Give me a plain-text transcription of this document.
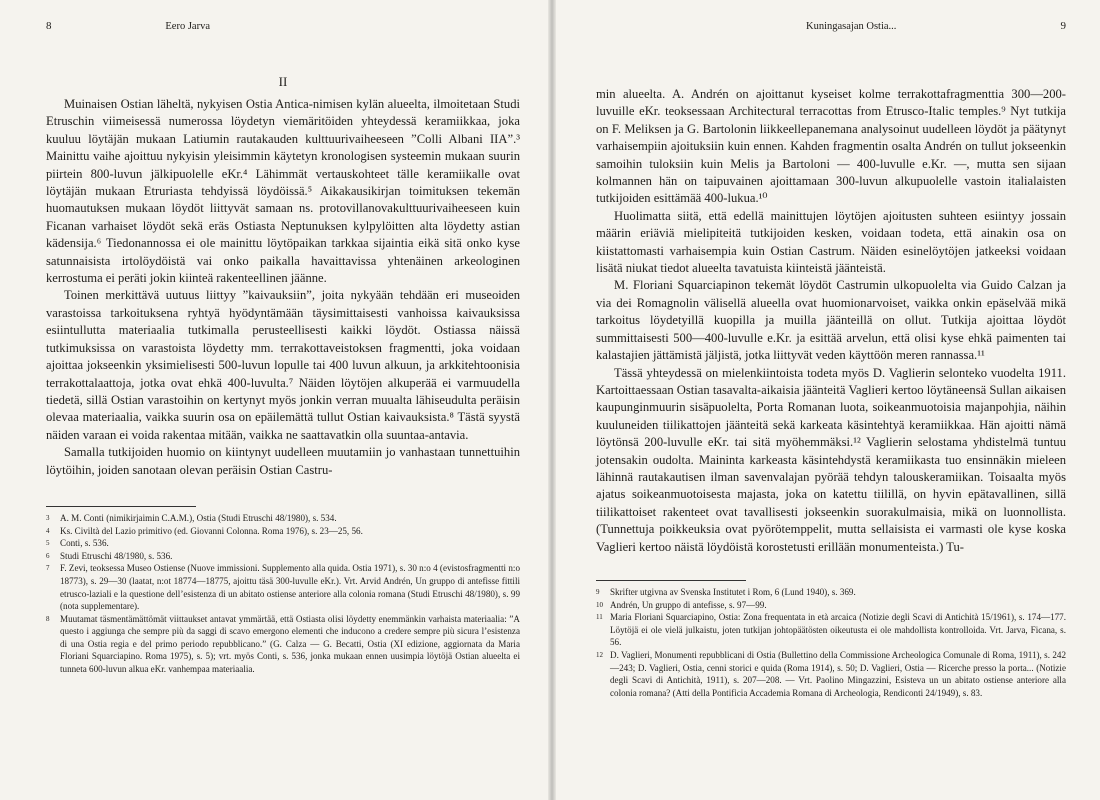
8	Eero Jarva
II

Muinaisen Ostian läheltä, nykyisen Ostia Antica-nimisen kylän alueelta, ilmoitetaan Studi Etruschin viimeisessä numerossa löydetyn viemäritöiden yhteydessä keramiikkaa, joka kuuluu löytäjän mukaan Latiumin rautakauden kulttuurivaiheeseen ”Colli Albani IIA”.³ Mainittu vaihe ajoittuu nykyisin yleisimmin käytetyn kronologisen systeemin mukaan suurin piirtein 800-luvun jälkipuolelle eKr.⁴ Lähimmät vertauskohteet tälle keramiikalle ovat löytäjän mukaan Etruriasta tehdyissä löydöissä.⁵ Aikakausikirjan toimituksen tekemän huomautuksen mukaan löydöt liittyvät samaan ns. protovillanovakulttuurivaiheeseen kuin Ficanan varhaiset löydöt sekä eräs Ostiasta Neptunuksen kylpylöitten alta löydetty astian kädensija.⁶ Tiedonannossa ei ole mainittu löytöpaikan tarkkaa sijaintia eikä sitä onko kyse satunnaisista irtolöydöistä vai onko paikalla havaittavissa yhtenäinen arkeologinen kerrostuma ei peräti jokin kiinteä rakenteellinen jäänne.

Toinen merkittävä uutuus liittyy ”kaivauksiin”, joita nykyään tehdään eri museoiden varastoissa tarkoituksena ryhtyä hyödyntämään täysimittaisesti vanhoissa kaivauksissa esiintullutta materiaalia tutkimalla perusteellisesti kaikki löydöt. Ostiassa näissä tutkimuksissa on varastoista löydetty mm. terrakottaveistoksen fragmentti, joka voidaan ajoittaa jokseenkin yksimielisesti 500-luvun lopulle tai 400 luvun alkuun, ja arkkitehtoonisia terrakottalaattoja, jotka ovat ehkä 400-luvulta.⁷ Näiden löytöjen alkuperää ei varmuudella tiedetä, sillä Ostian varastoihin on kertynyt myös jonkin verran muualta lähiseudulta peräisin olevaa materiaalia, vaikka suurin osa on epäilemättä tullut Ostian kaivauksista.⁸ Tästä syystä näiden varaan ei voida rakentaa mitään, vaikka ne saattavatkin olla suuntaa-antavia.

Samalla tutkijoiden huomio on kiintynyt uudelleen muutamiin jo vanhastaan tunnettuihin löytöihin, joiden sanotaan olevan peräisin Ostian Castru-

3 A. M. Conti (nimikirjaimin C.A.M.), Ostia (Studi Etruschi 48/1980), s. 534.

4 Ks. Civiltà del Lazio primitivo (ed. Giovanni Colonna. Roma 1976), s. 23—25, 56.

5 Conti, s. 536.

6 Studi Etruschi 48/1980, s. 536.

7 F. Zevi, teoksessa Museo Ostiense (Nuove immissioni. Supplemento alla quida. Ostia 1971), s. 30 n:o 4 (evistosfragmentti n:o 18773), s. 29—30 (laatat, n:ot 18774—18775, ajoittu täsä 300-luvulle eKr.). Vrt. Arvid Andrén, Un gruppo di antefisse fittili etrusco-laziali e la questione dell’esistenza di un abitato ostiense anteriore alla colonia romana (Studi Etruschi 48/1980), s. 99 (nota supplementare).

8 Muutamat täsmentämättömät viittaukset antavat ymmärtää, että Ostiasta olisi löydetty enemmänkin varhaista materiaalia: ”A questo i aggiunga che sempre più da saggi di scavo emergono elementi che inducono a credere sempre più sicura l’esistenza di una Ostia regia e del primo periodo repubblicano.” (G. Calza — G. Becatti, Ostia (XI edizione, aggiornata da Maria Floriani Squarciapino. Roma 1975), s. 5); vrt. myös Conti, s. 536, jonka mukaan ennen uusimpia löytöjä Ostian alueelta ei tunneta 600-luvun alkua eKr. vanhempaa materiaalia.

Kuningasajan Ostia...	9

min alueelta. A. Andrén on ajoittanut kyseiset kolme terrakottafragmenttia 300—200-luvuille eKr. teoksessaan Architectural terracottas from Etrusco-Italic temples.⁹ Nyt tutkija on F. Meliksen ja G. Bartolonin liikkeellepanemana analysoinut uudelleen löydöt ja päätynyt varhaisempiin ajoituksiin kuin ennen. Kahden fragmentin osalta Andrén on tullut jokseenkin samoihin tuloksiin kuin Melis ja Bartoloni — 400-luvulle e.Kr. —, mutta sen sijaan kolmannen hän on taipuvainen ajoittamaan 300-luvun alkupuolelle vastoin italialaisten tutkijoiden esittämää 400-lukua.¹⁰

Huolimatta siitä, että edellä mainittujen löytöjen ajoitusten suhteen esiintyy jossain määrin eriäviä mielipiteitä tutkijoiden kesken, voidaan todeta, että ainakin osa on kiistattomasti varhaisempia kuin Ostian Castrum. Näiden esinelöytöjen jatkeeksi voidaan lisätä niukat tiedot alueelta tavatuista kiinteistä jäänteistä.

M. Floriani Squarciapinon tekemät löydöt Castrumin ulkopuolelta via Guido Calzan ja via dei Romagnolin välisellä alueella ovat huomionarvoiset, vaikka onkin epäselvää mikä tarkoitus löydetyillä kuopilla ja muilla jäänteillä on ollut. Tutkija ajoittaa löydöt summittaisesti 500—400-luvulle e.Kr. ja esittää arvelun, että olisi kyse ehkä paimenten tai kalastajien jättämistä jäljistä, jotka liittyvät veden käyttöön meren rannassa.¹¹

Tässä yhteydessä on mielenkiintoista todeta myös D. Vaglierin selonteko vuodelta 1911. Kartoittaessaan Ostian tasavalta-aikaisia jäänteitä Vaglieri kertoo löytäneensä Sullan aikaisen kaupunginmuurin sisäpuolelta, Porta Romanan luota, soikeanmuotoisia majanpohjia, näihin kuuluneiden tiilikattojen jäänteitä sekä karkeata käsintehtyä keramiikkaa. Hän ajoitti nämä löytönsä 200-luvulle eKr. tai sitä myöhemmäksi.¹² Vaglierin selostama yhdistelmä tuntuu jotensakin oudolta. Maininta karkeasta käsintehdystä keramiikasta tuo ensinnäkin mieleen lähinnä rautakautisen ilman savenvalajan pyörää tehdyn talouskeramiikan. Toisaalta myös ajatus soikeanmuotoisesta majasta, joka on katettu tiilillä, on hyvin epätavallinen, sillä tiilikattoiset rakenteet ovat tavallisesti jokseenkin suorakulmaisia, mikä on luonnollista. (Tunnettuja poikkeuksia ovat pyörötemppelit, mutta sellaisista ei varmasti ole kyse koska Vaglieri kertoo näistä löydöistä korostetusti erillään monumenteista.) Tu-

9 Skrifter utgivna av Svenska Institutet i Rom, 6 (Lund 1940), s. 369.

10 Andrén, Un gruppo di antefisse, s. 97—99.

11 Maria Floriani Squarciapino, Ostia: Zona frequentata in età arcaica (Notizie degli Scavi di Antichità 15/1961), s. 174—177. Löytöjä ei ole vielä julkaistu, joten tutkijan johtopäätösten oikeutusta ei ole mahdollista kontrolloida. Vrt. Jarva, Ficana, s. 56.

12 D. Vaglieri, Monumenti repubblicani di Ostia (Bullettino della Commissione Archeologica Comunale di Roma, 1911), s. 242—243; D. Vaglieri, Ostia, cenni storici e quida (Roma 1914), s. 50; D. Vaglieri, Ostia — Ricerche presso la porta... (Notizie degli Scavi di Antichità, 1911), s. 207—208. — Vrt. Paolino Mingazzini, Esisteva un un abitato ostiense anteriore alla colonia romana? (Atti della Pontificia Accademia Romana di Archeologia, Rendiconti 24/1949), s. 83.
